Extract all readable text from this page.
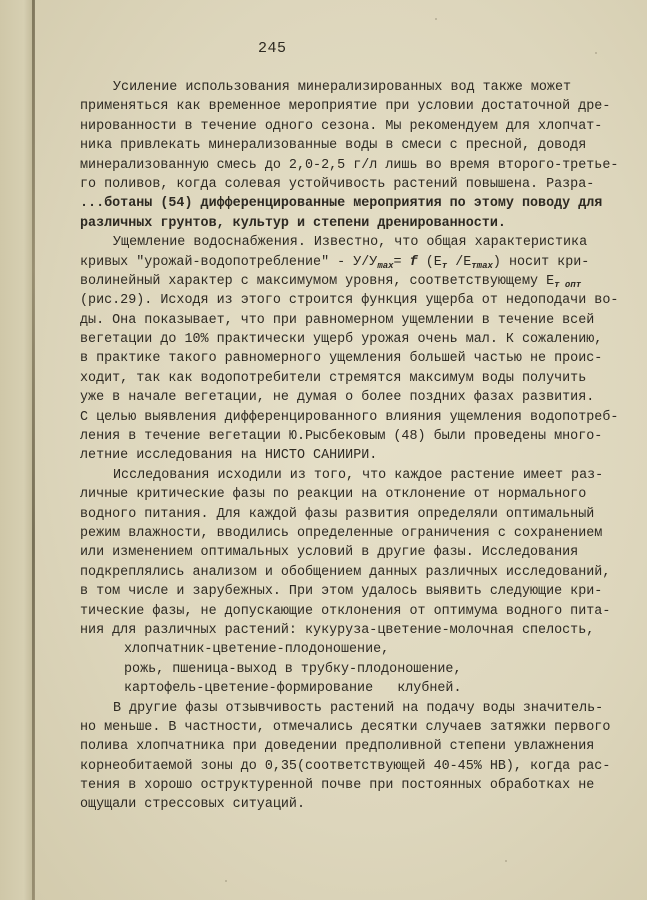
245
Усиление использования минерализированных вод также может
применяться как временное мероприятие при условии достаточной дре-
нированности в течение одного сезона. Мы рекомендуем для хлопчат-
ника привлекать минерализованные воды в смеси с пресной, доводя
минерализованную смесь до 2,0-2,5 г/л лишь во время второго-третье-
го поливов, когда солевая устойчивость растений повышена. Разра-
...ботаны (54) дифференцированные мероприятия по этому поводу для
различных грунтов, культур и степени дренированности.
Ущемление водоснабжения. Известно, что общая характеристика
кривых "урожай-водопотребление" - $У/У_{max}= f$ ($Е_т$ $/Е_{тmax}$) носит кри-
волинейный характер с максимумом уровня, соответствующему $Е_{т опт}$
(рис.29). Исходя из этого строится функция ущерба от недоподачи во-
ды. Она показывает, что при равномерном ущемлении в течение всей
вегетации до 10% практически ущерб урожая очень мал. К сожалению,
в практике такого равномерного ущемления большей частью не проис-
ходит, так как водопотребители стремятся максимум воды получить
уже в начале вегетации, не думая о более поздних фазах развития.
С целью выявления дифференцированного влияния ущемления водопотреб-
ления в течение вегетации Ю.Рысбековым (48) были проведены много-
летние исследования на НИСТО САНИИРИ.
Исследования исходили из того, что каждое растение имеет раз-
личные критические фазы по реакции на отклонение от нормального
водного питания. Для каждой фазы развития определяли оптимальный
режим влажности, вводились определенные ограничения с сохранением
или изменением оптимальных условий в другие фазы. Исследования
подкреплялись анализом и обобщением данных различных исследований,
в том числе и зарубежных. При этом удалось выявить следующие кри-
тические фазы, не допускающие отклонения от оптимума водного пита-
ния для различных растений: кукуруза-цветение-молочная спелость,
хлопчатник-цветение-плодоношение,
рожь, пшеница-выход в трубку-плодоношение,
картофель-цветение-формирование   клубней.
В другие фазы отзывчивость растений на подачу воды значитель-
но меньше. В частности, отмечались десятки случаев затяжки первого
полива хлопчатника при доведении предполивной степени увлажнения
корнеобитаемой зоны до 0,35(соответствующей 40-45% НВ), когда рас-
тения в хорошо оструктуренной почве при постоянных обработках не
ощущали стрессовых ситуаций.
